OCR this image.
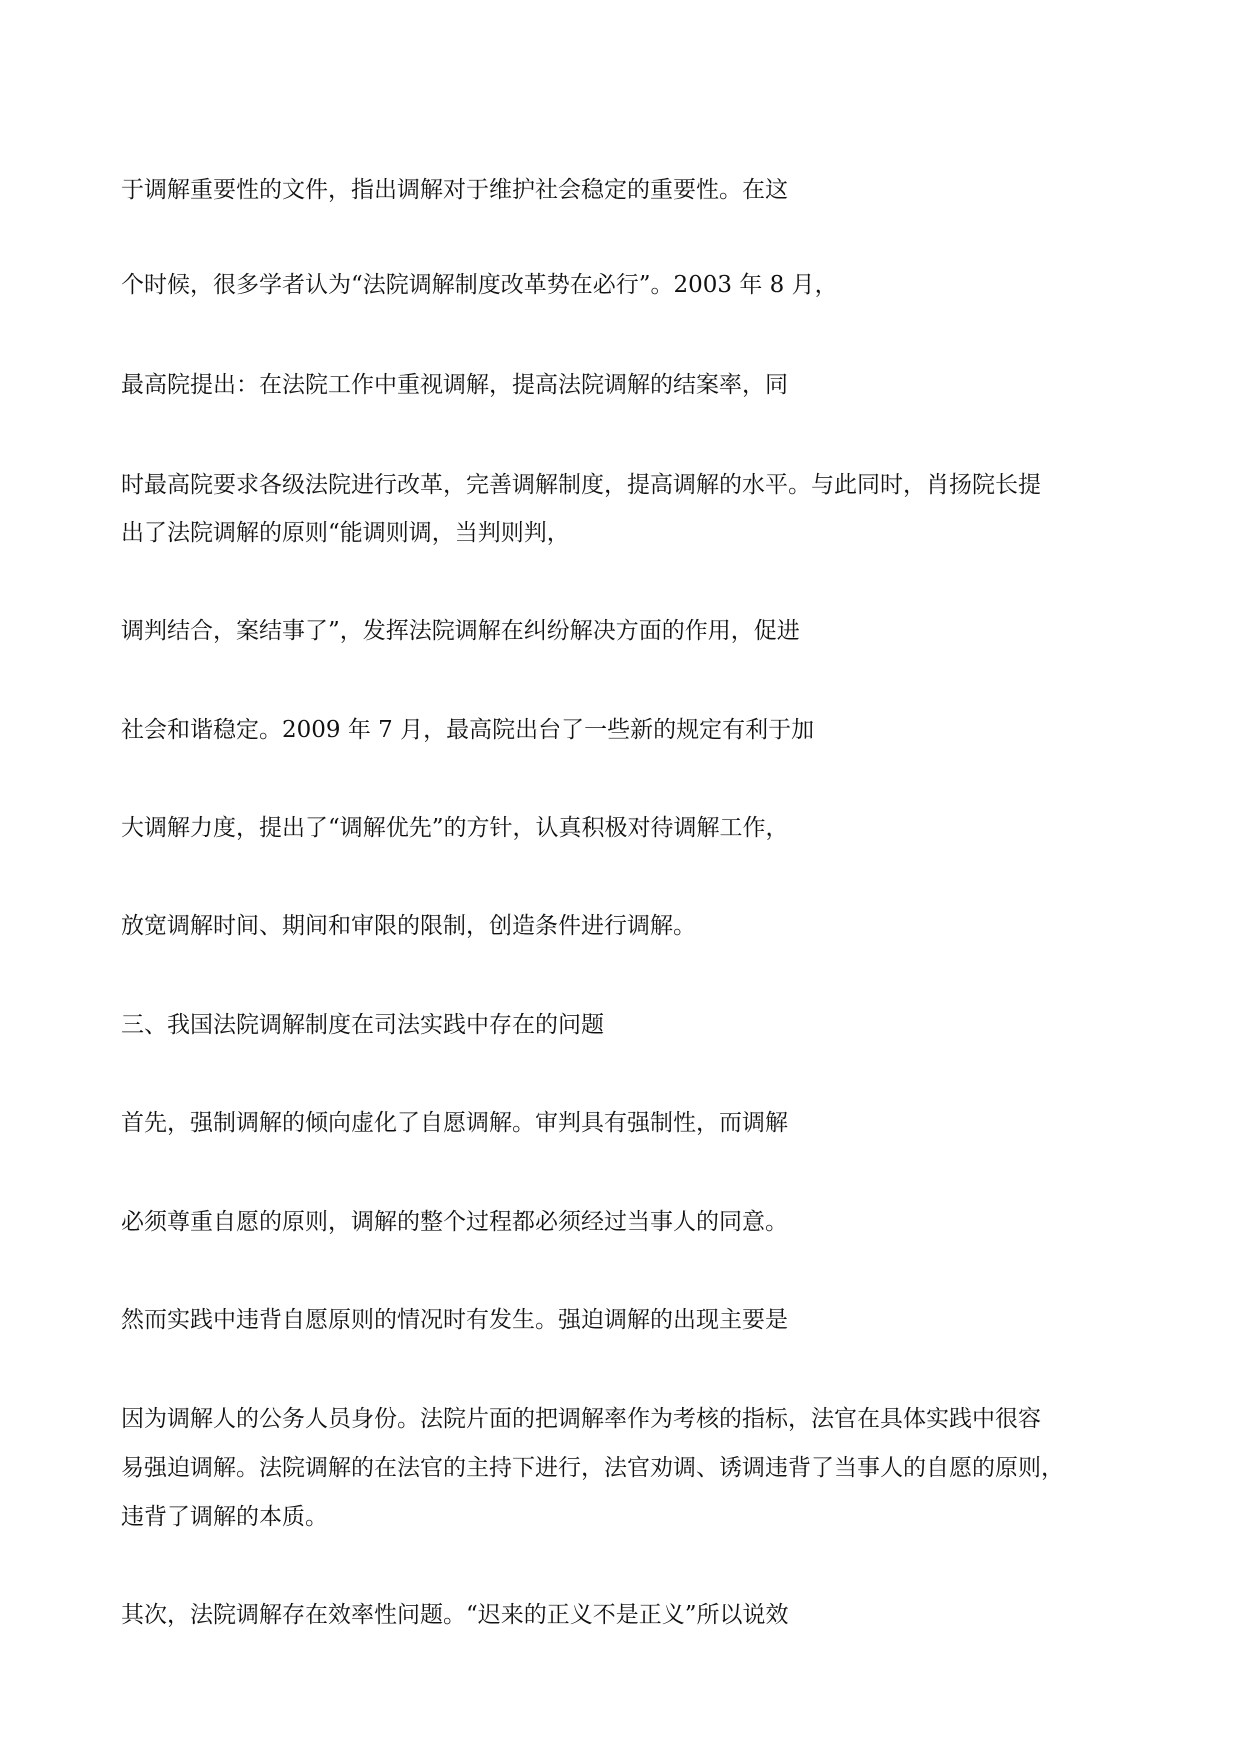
于调解重要性的文件，指出调解对于维护社会稳定的重要性。在这
个时候，很多学者认为“法院调解制度改革势在必行”。2003 年 8 月，
最高院提出：在法院工作中重视调解，提高法院调解的结案率，同
时最高院要求各级法院进行改革，完善调解制度，提高调解的水平。与此同时，肖扬院长提
出了法院调解的原则“能调则调，当判则判，
调判结合，案结事了”，发挥法院调解在纠纷解决方面的作用，促进
社会和谐稳定。2009 年 7 月，最高院出台了一些新的规定有利于加
大调解力度，提出了“调解优先”的方针，认真积极对待调解工作，
放宽调解时间、期间和审限的限制，创造条件进行调解。
三、我国法院调解制度在司法实践中存在的问题
首先，强制调解的倾向虚化了自愿调解。审判具有强制性，而调解
必须尊重自愿的原则，调解的整个过程都必须经过当事人的同意。
然而实践中违背自愿原则的情况时有发生。强迫调解的出现主要是
因为调解人的公务人员身份。法院片面的把调解率作为考核的指标，法官在具体实践中很容
易强迫调解。法院调解的在法官的主持下进行，法官劝调、诱调违背了当事人的自愿的原则，
违背了调解的本质。
其次，法院调解存在效率性问题。“迟来的正义不是正义”所以说效
